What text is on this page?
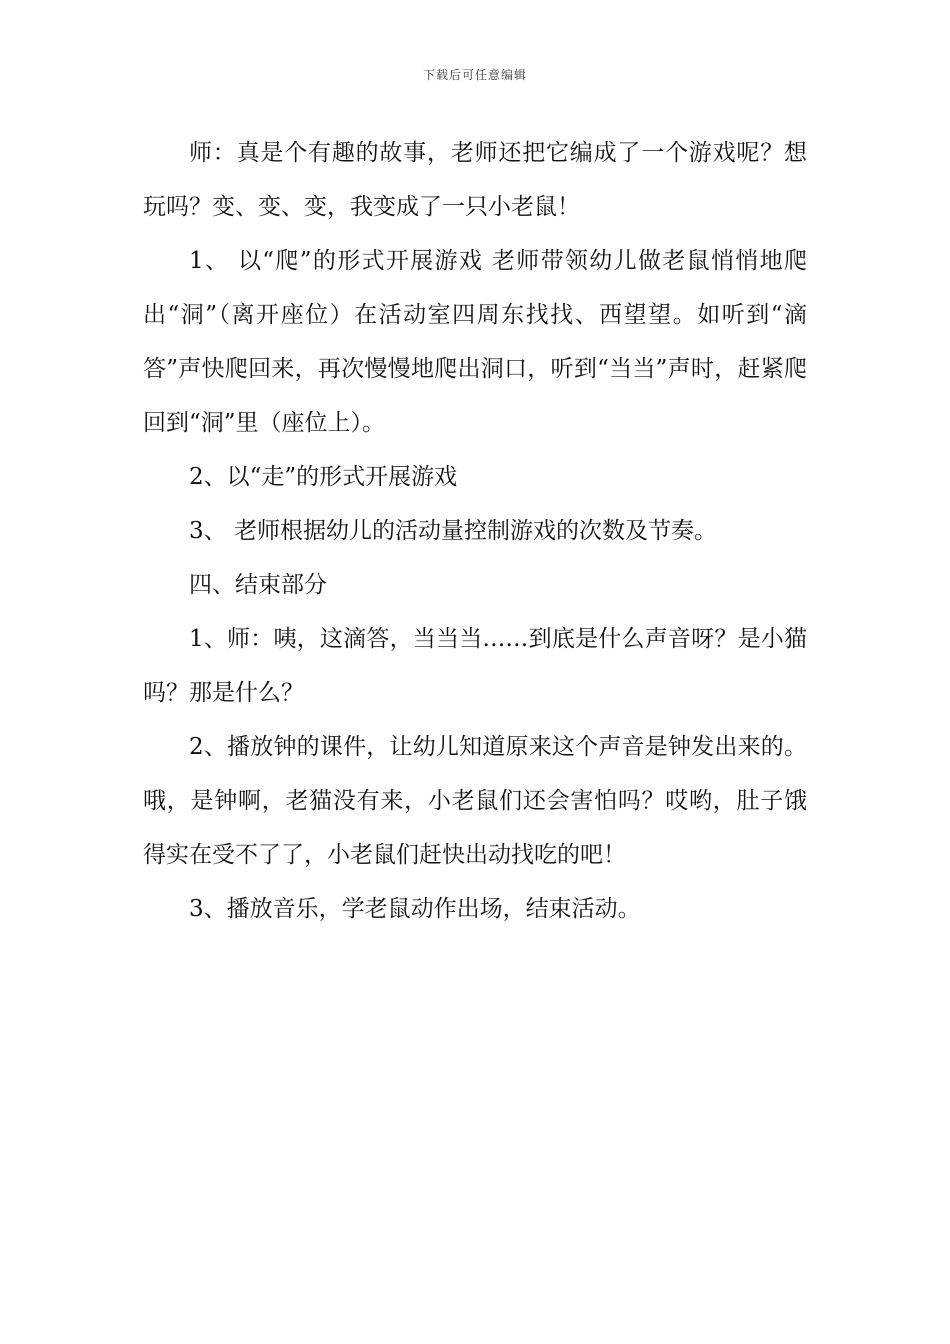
下载后可任意编辑

师：真是个有趣的故事，老师还把它编成了一个游戏呢？想玩吗？变、变、变，我变成了一只小老鼠！

1、 以“爬”的形式开展游戏 老师带领幼儿做老鼠悄悄地爬出“洞”（离开座位）在活动室四周东找找、西望望。如听到“滴答”声快爬回来，再次慢慢地爬出洞口，听到“当当”声时，赶紧爬回到“洞”里（座位上）。

2、以“走”的形式开展游戏

3、 老师根据幼儿的活动量控制游戏的次数及节奏。

四、结束部分

1、师：咦，这滴答，当当当……到底是什么声音呀？是小猫吗？那是什么？

2、播放钟的课件，让幼儿知道原来这个声音是钟发出来的。哦，是钟啊，老猫没有来，小老鼠们还会害怕吗？哎哟，肚子饿得实在受不了了，小老鼠们赶快出动找吃的吧！

3、播放音乐，学老鼠动作出场，结束活动。
